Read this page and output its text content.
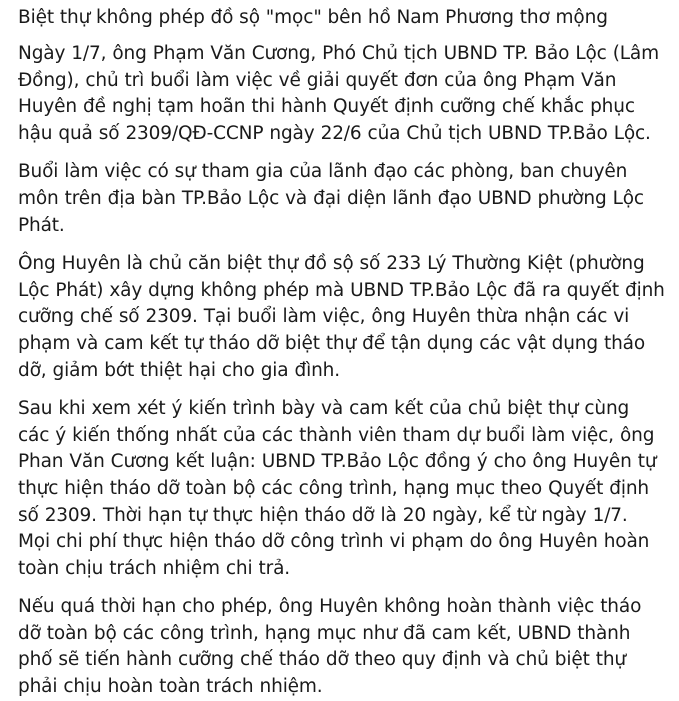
Biệt thự không phép đồ sộ "mọc" bên hồ Nam Phương thơ mộng

Ngày 1/7, ông Phạm Văn Cương, Phó Chủ tịch UBND TP. Bảo Lộc (Lâm Đồng), chủ trì buổi làm việc về giải quyết đơn của ông Phạm Văn Huyên đề nghị tạm hoãn thi hành Quyết định cưỡng chế khắc phục hậu quả số 2309/QĐ-CCNP ngày 22/6 của Chủ tịch UBND TP.Bảo Lộc.

Buổi làm việc có sự tham gia của lãnh đạo các phòng, ban chuyên môn trên địa bàn TP.Bảo Lộc và đại diện lãnh đạo UBND phường Lộc Phát.

Ông Huyên là chủ căn biệt thự đồ sộ số 233 Lý Thường Kiệt (phường Lộc Phát) xây dựng không phép mà UBND TP.Bảo Lộc đã ra quyết định cưỡng chế số 2309. Tại buổi làm việc, ông Huyên thừa nhận các vi phạm và cam kết tự tháo dỡ biệt thự để tận dụng các vật dụng tháo dỡ, giảm bớt thiệt hại cho gia đình.

Sau khi xem xét ý kiến trình bày và cam kết của chủ biệt thự cùng các ý kiến thống nhất của các thành viên tham dự buổi làm việc, ông Phan Văn Cương kết luận: UBND TP.Bảo Lộc đồng ý cho ông Huyên tự thực hiện tháo dỡ toàn bộ các công trình, hạng mục theo Quyết định số 2309. Thời hạn tự thực hiện tháo dỡ là 20 ngày, kể từ ngày 1/7. Mọi chi phí thực hiện tháo dỡ công trình vi phạm do ông Huyên hoàn toàn chịu trách nhiệm chi trả.

Nếu quá thời hạn cho phép, ông Huyên không hoàn thành việc tháo dỡ toàn bộ các công trình, hạng mục như đã cam kết, UBND thành phố sẽ tiến hành cưỡng chế tháo dỡ theo quy định và chủ biệt thự phải chịu hoàn toàn trách nhiệm.
